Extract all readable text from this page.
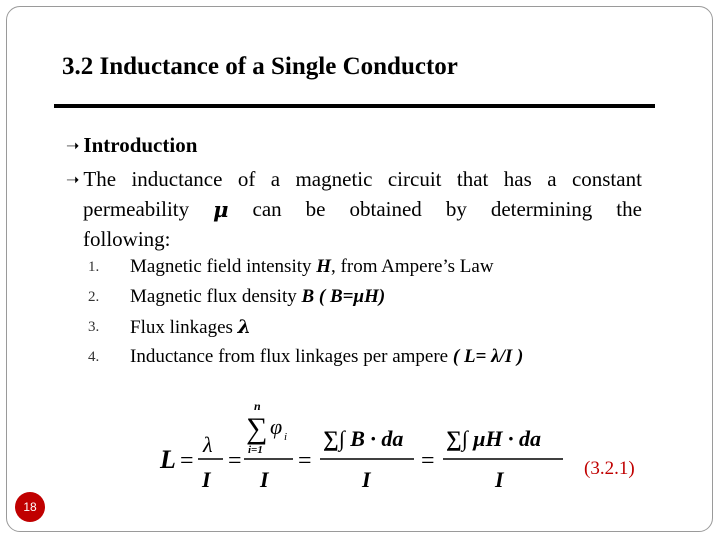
3.2 Inductance of a Single Conductor
➝ Introduction
➝ The inductance of a magnetic circuit that has a constant
permeability μ can be obtained by determining the
following:
1.	Magnetic field intensity H, from Ampere’s Law
2.	Magnetic flux density B ( B=μH)
3.	Flux linkages λ
4.	Inductance from flux linkages per ampere ( L= λ/I )
L =
λ
I
=
n
∑ φ i
i=1
I
=
∑∫ B · da
I
=
∑∫ μH · da
I	(3.2.1)
18
